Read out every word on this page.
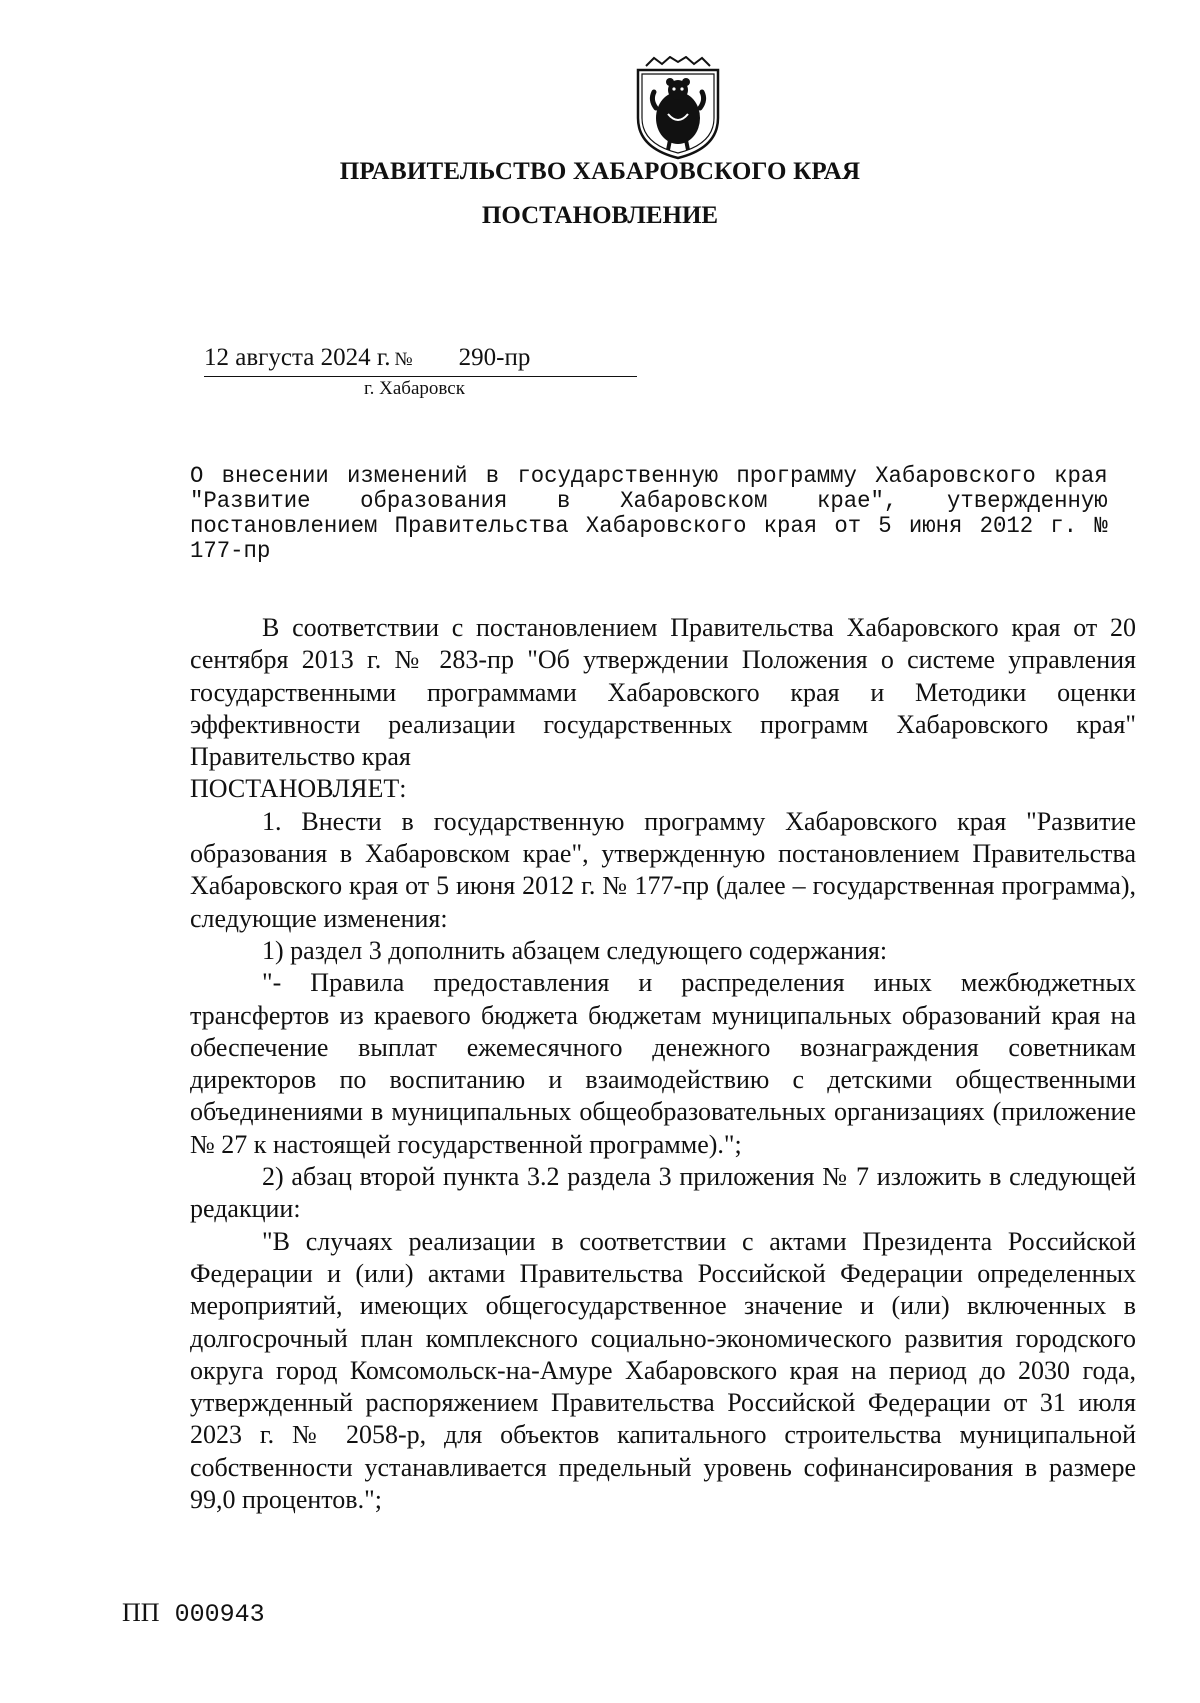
ПРАВИТЕЛЬСТВО ХАБАРОВСКОГО КРАЯ
ПОСТАНОВЛЕНИЕ
12 августа 2024 г. № 290-пр
г. Хабаровск
О внесении изменений в государственную программу Хабаровского края "Развитие образования в Хабаровском крае", утвержденную постановлением Правительства Хабаровского края от 5 июня 2012 г. № 177-пр

В соответствии с постановлением Правительства Хабаровского края от 20 сентября 2013 г. № 283-пр "Об утверждении Положения о системе управления государственными программами Хабаровского края и Методики оценки эффективности реализации государственных программ Хабаровского края" Правительство края

ПОСТАНОВЛЯЕТ:

1. Внести в государственную программу Хабаровского края "Развитие образования в Хабаровском крае", утвержденную постановлением Правительства Хабаровского края от 5 июня 2012 г. № 177-пр (далее – государственная программа), следующие изменения:

1) раздел 3 дополнить абзацем следующего содержания:

"- Правила предоставления и распределения иных межбюджетных трансфертов из краевого бюджета бюджетам муниципальных образований края на обеспечение выплат ежемесячного денежного вознаграждения советникам директоров по воспитанию и взаимодействию с детскими общественными объединениями в муниципальных общеобразовательных организациях (приложение № 27 к настоящей государственной программе).";

2) абзац второй пункта 3.2 раздела 3 приложения № 7 изложить в следующей редакции:

"В случаях реализации в соответствии с актами Президента Российской Федерации и (или) актами Правительства Российской Федерации определенных мероприятий, имеющих общегосударственное значение и (или) включенных в долгосрочный план комплексного социально-экономического развития городского округа город Комсомольск-на-Амуре Хабаровского края на период до 2030 года, утвержденный распоряжением Правительства Российской Федерации от 31 июля 2023 г. № 2058-р, для объектов капитального строительства муниципальной собственности устанавливается предельный уровень софинансирования в размере 99,0 процентов.";

ПП 000943
